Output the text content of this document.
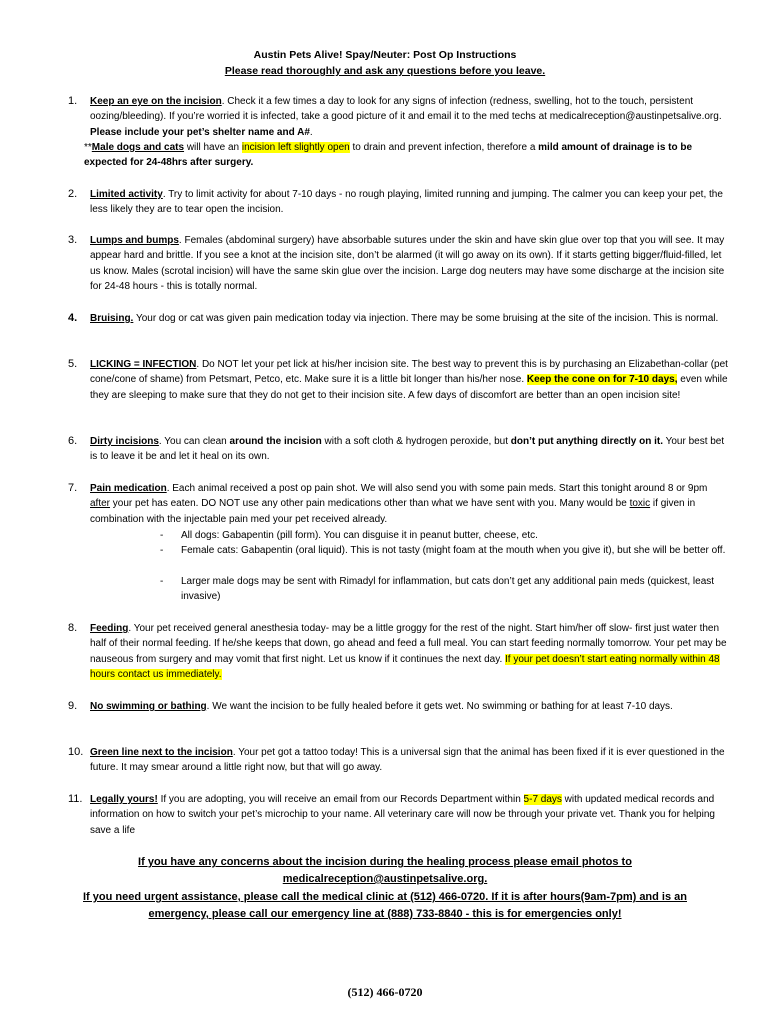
Austin Pets Alive! Spay/Neuter: Post Op Instructions
Please read thoroughly and ask any questions before you leave.
1.	Keep an eye on the incision. Check it a few times a day to look for any signs of infection (redness, swelling, hot to the touch, persistent oozing/bleeding). If you’re worried it is infected, take a good picture of it and email it to the med techs at medicalreception@austinpetsalive.org. Please include your pet’s shelter name and A#.
**Male dogs and cats will have an incision left slightly open to drain and prevent infection, therefore a mild amount of drainage is to be expected for 24-48hrs after surgery.
2.	Limited activity. Try to limit activity for about 7-10 days - no rough playing, limited running and jumping. The calmer you can keep your pet, the less likely they are to tear open the incision.
3.	Lumps and bumps. Females (abdominal surgery) have absorbable sutures under the skin and have skin glue over top that you will see. It may appear hard and brittle. If you see a knot at the incision site, don’t be alarmed (it will go away on its own). If it starts getting bigger/fluid-filled, let us know. Males (scrotal incision) will have the same skin glue over the incision. Large dog neuters may have some discharge at the incision site for 24-48 hours - this is totally normal.
4.	Bruising. Your dog or cat was given pain medication today via injection. There may be some bruising at the site of the incision. This is normal.
5.	LICKING = INFECTION. Do NOT let your pet lick at his/her incision site. The best way to prevent this is by purchasing an Elizabethan-collar (pet cone/cone of shame) from Petsmart, Petco, etc. Make sure it is a little bit longer than his/her nose. Keep the cone on for 7-10 days, even while they are sleeping to make sure that they do not get to their incision site. A few days of discomfort are better than an open incision site!
6.	Dirty incisions. You can clean around the incision with a soft cloth & hydrogen peroxide, but don’t put anything directly on it. Your best bet is to leave it be and let it heal on its own.
7.	Pain medication. Each animal received a post op pain shot. We will also send you with some pain meds. Start this tonight around 8 or 9pm after your pet has eaten. DO NOT use any other pain medications other than what we have sent with you. Many would be toxic if given in combination with the injectable pain med your pet received already.
- All dogs: Gabapentin (pill form). You can disguise it in peanut butter, cheese, etc.
- Female cats: Gabapentin (oral liquid). This is not tasty (might foam at the mouth when you give it), but she will be better off.
- Larger male dogs may be sent with Rimadyl for inflammation, but cats don’t get any additional pain meds (quickest, least invasive)
8.	Feeding. Your pet received general anesthesia today- may be a little groggy for the rest of the night. Start him/her off slow- first just water then half of their normal feeding. If he/she keeps that down, go ahead and feed a full meal. You can start feeding normally tomorrow. Your pet may be nauseous from surgery and may vomit that first night. Let us know if it continues the next day. If your pet doesn’t start eating normally within 48 hours contact us immediately.
9.	No swimming or bathing. We want the incision to be fully healed before it gets wet. No swimming or bathing for at least 7-10 days.
10. Green line next to the incision. Your pet got a tattoo today! This is a universal sign that the animal has been fixed if it is ever questioned in the future. It may smear around a little right now, but that will go away.
11. Legally yours! If you are adopting, you will receive an email from our Records Department within 5-7 days with updated medical records and information on how to switch your pet’s microchip to your name. All veterinary care will now be through your private vet. Thank you for helping save a life
If you have any concerns about the incision during the healing process please email photos to
medicalreception@austinpetsalive.org.
If you need urgent assistance, please call the medical clinic at (512) 466-0720. If it is after hours(9am-7pm) and is an
emergency, please call our emergency line at (888) 733-8840 - this is for emergencies only!
(512) 466-0720
